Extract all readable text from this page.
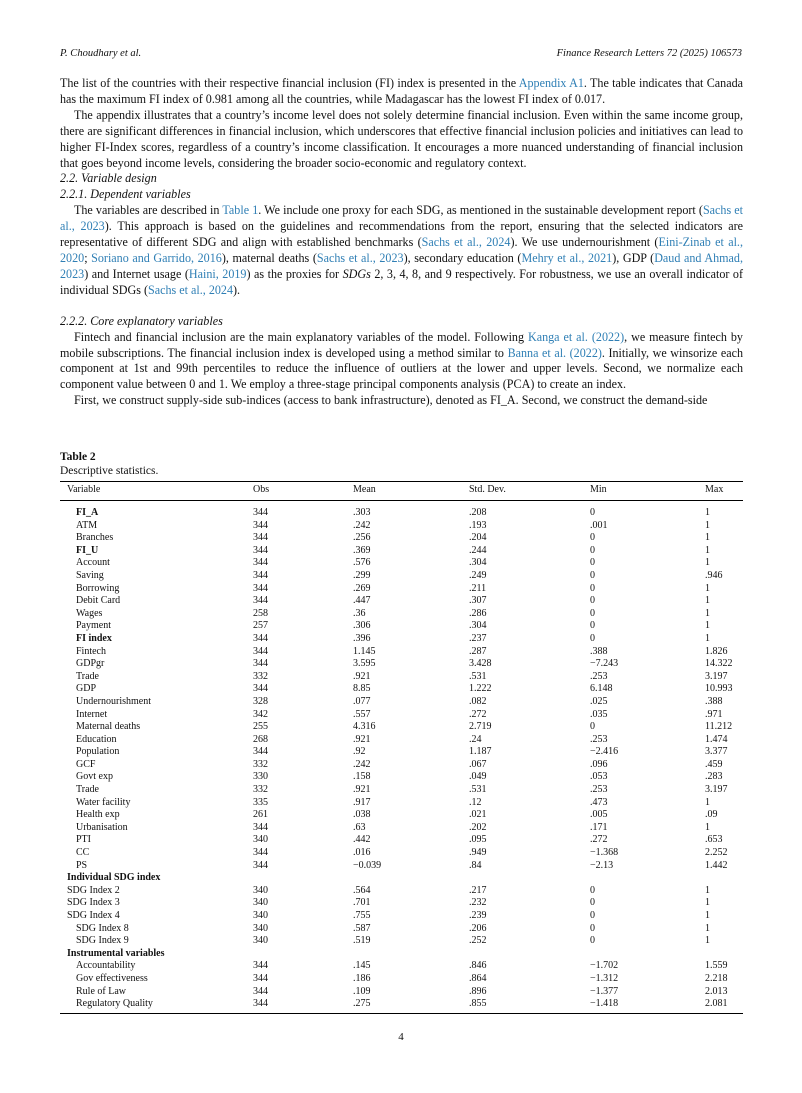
P. Choudhary et al.	Finance Research Letters 72 (2025) 106573

The list of the countries with their respective financial inclusion (FI) index is presented in the Appendix A1. The table indicates that Canada has the maximum FI index of 0.981 among all the countries, while Madagascar has the lowest FI index of 0.017.

The appendix illustrates that a country’s income level does not solely determine financial inclusion. Even within the same income group, there are significant differences in financial inclusion, which underscores that effective financial inclusion policies and initiatives can lead to higher FI-Index scores, regardless of a country’s income classification. It encourages a more nuanced understanding of financial inclusion that goes beyond income levels, considering the broader socio-economic and regulatory context.

2.2. Variable design

2.2.1. Dependent variables

The variables are described in Table 1. We include one proxy for each SDG, as mentioned in the sustainable development report (Sachs et al., 2023). This approach is based on the guidelines and recommendations from the report, ensuring that the selected indicators are representative of different SDG and align with established benchmarks (Sachs et al., 2024). We use undernourishment (Eini-Zinab et al., 2020; Soriano and Garrido, 2016), maternal deaths (Sachs et al., 2023), secondary education (Mehry et al., 2021), GDP (Daud and Ahmad, 2023) and Internet usage (Haini, 2019) as the proxies for SDGs 2, 3, 4, 8, and 9 respectively. For robustness, we use an overall indicator of individual SDGs (Sachs et al., 2024).

2.2.2. Core explanatory variables

Fintech and financial inclusion are the main explanatory variables of the model. Following Kanga et al. (2022), we measure fintech by mobile subscriptions. The financial inclusion index is developed using a method similar to Banna et al. (2022). Initially, we winsorize each component at 1st and 99th percentiles to reduce the influence of outliers at the lower and upper levels. Second, we normalize each component value between 0 and 1. We employ a three-stage principal components analysis (PCA) to create an index.

First, we construct supply-side sub-indices (access to bank infrastructure), denoted as FI_A. Second, we construct the demand-side

Table 2
Descriptive statistics.
Variable	Obs	Mean	Std. Dev.	Min	Max
FI_A	344	.303	.208	0	1
ATM	344	.242	.193	.001	1
Branches	344	.256	.204	0	1
FI_U	344	.369	.244	0	1
Account	344	.576	.304	0	1
Saving	344	.299	.249	0	.946
Borrowing	344	.269	.211	0	1
Debit Card	344	.447	.307	0	1
Wages	258	.36	.286	0	1
Payment	257	.306	.304	0	1
FI index	344	.396	.237	0	1
Fintech	344	1.145	.287	.388	1.826
GDPgr	344	3.595	3.428	−7.243	14.322
Trade	332	.921	.531	.253	3.197
GDP	344	8.85	1.222	6.148	10.993
Undernourishment	328	.077	.082	.025	.388
Internet	342	.557	.272	.035	.971
Maternal deaths	255	4.316	2.719	0	11.212
Education	268	.921	.24	.253	1.474
Population	344	.92	1.187	−2.416	3.377
GCF	332	.242	.067	.096	.459
Govt exp	330	.158	.049	.053	.283
Trade	332	.921	.531	.253	3.197
Water facility	335	.917	.12	.473	1
Health exp	261	.038	.021	.005	.09
Urbanisation	344	.63	.202	.171	1
PTI	340	.442	.095	.272	.653
CC	344	.016	.949	−1.368	2.252
PS	344	−0.039	.84	−2.13	1.442
Individual SDG index
SDG Index 2	340	.564	.217	0	1
SDG Index 3	340	.701	.232	0	1
SDG Index 4	340	.755	.239	0	1
SDG Index 8	340	.587	.206	0	1
SDG Index 9	340	.519	.252	0	1
Instrumental variables
Accountability	344	.145	.846	−1.702	1.559
Gov effectiveness	344	.186	.864	−1.312	2.218
Rule of Law	344	.109	.896	−1.377	2.013
Regulatory Quality	344	.275	.855	−1.418	2.081
4
